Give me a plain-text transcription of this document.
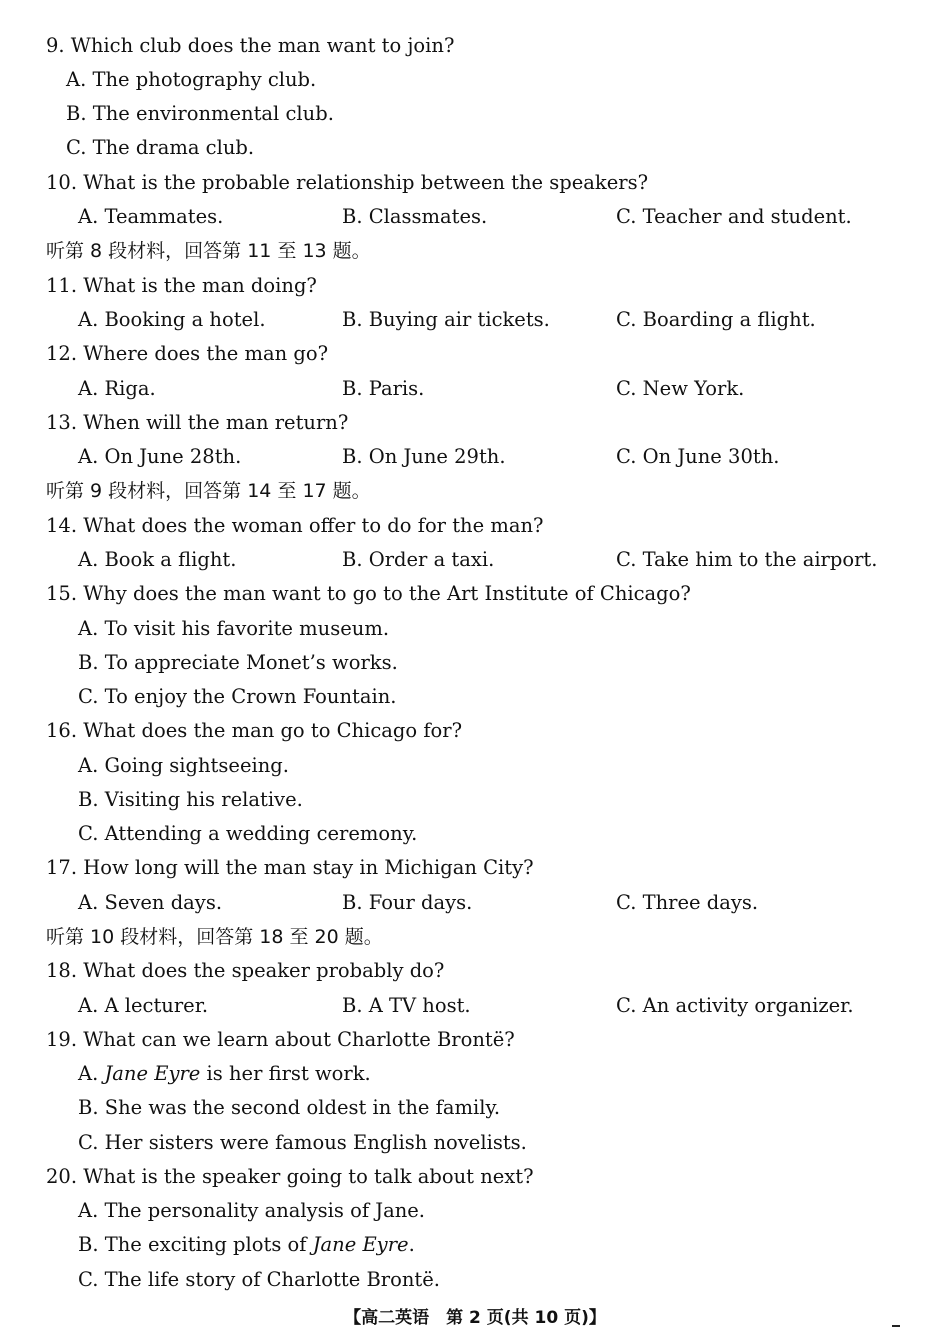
9. Which club does the man want to join?
A. The photography club.
B. The environmental club.
C. The drama club.
10. What is the probable relationship between the speakers?
A. Teammates.	B. Classmates.	C. Teacher and student.
听第 8 段材料，回答第 11 至 13 题。
11. What is the man doing?
A. Booking a hotel.	B. Buying air tickets.	C. Boarding a flight.
12. Where does the man go?
A. Riga.	B. Paris.	C. New York.
13. When will the man return?
A. On June 28th.	B. On June 29th.	C. On June 30th.
听第 9 段材料，回答第 14 至 17 题。
14. What does the woman offer to do for the man?
A. Book a flight.	B. Order a taxi.	C. Take him to the airport.
15. Why does the man want to go to the Art Institute of Chicago?
A. To visit his favorite museum.
B. To appreciate Monet’s works.
C. To enjoy the Crown Fountain.
16. What does the man go to Chicago for?
A. Going sightseeing.
B. Visiting his relative.
C. Attending a wedding ceremony.
17. How long will the man stay in Michigan City?
A. Seven days.	B. Four days.	C. Three days.
听第 10 段材料，回答第 18 至 20 题。
18. What does the speaker probably do?
A. A lecturer.	B. A TV host.	C. An activity organizer.
19. What can we learn about Charlotte Brontë?
A. Jane Eyre is her first work.
B. She was the second oldest in the family.
C. Her sisters were famous English novelists.
20. What is the speaker going to talk about next?
A. The personality analysis of Jane.
B. The exciting plots of Jane Eyre.
C. The life story of Charlotte Brontë.
【高二英语　第 2 页(共 10 页)】
